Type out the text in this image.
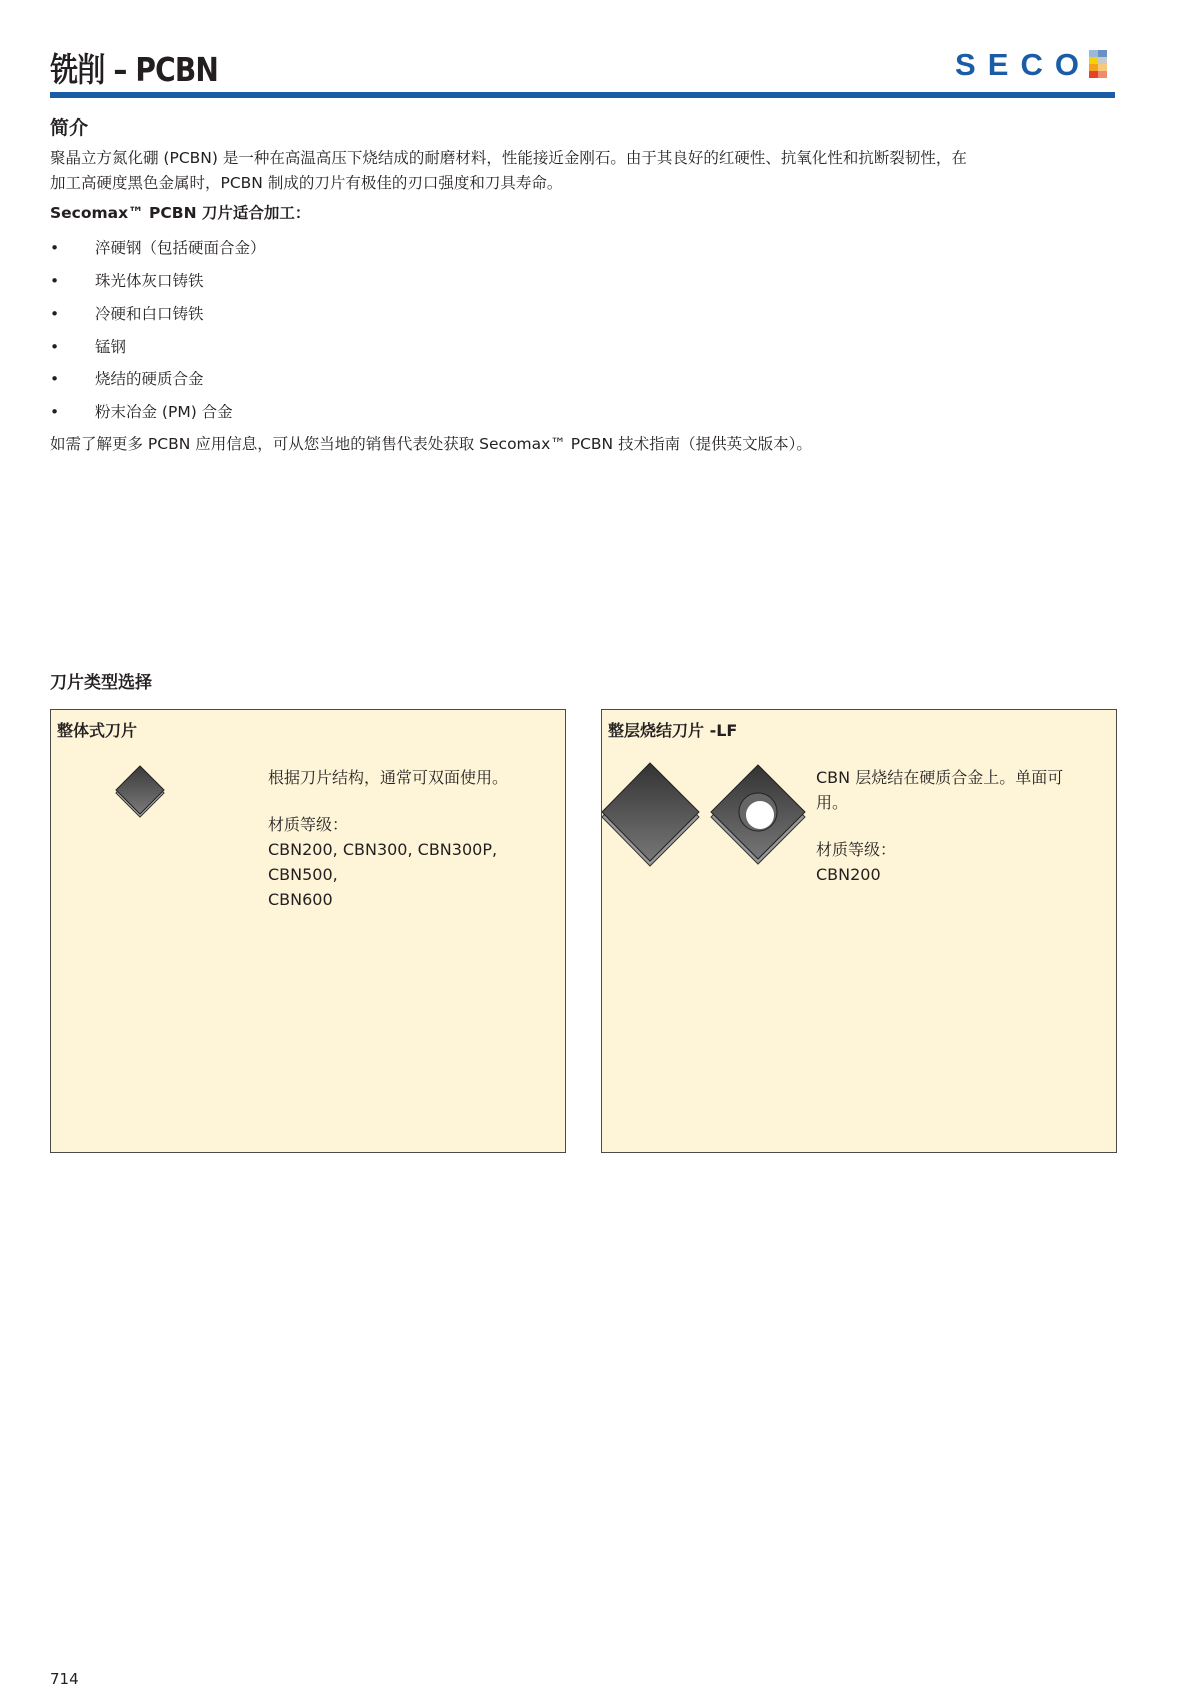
铣削 – PCBN	SECO
简介
聚晶立方氮化硼 (PCBN) 是一种在高温高压下烧结成的耐磨材料，性能接近金刚石。由于其良好的红硬性、抗氧化性和抗断裂韧性，在
加工高硬度黑色金属时，PCBN 制成的刀片有极佳的刃口强度和刀具寿命。
Secomax™ PCBN 刀片适合加工：
• 淬硬钢（包括硬面合金）
• 珠光体灰口铸铁
• 冷硬和白口铸铁
• 锰钢
• 烧结的硬质合金
• 粉末冶金 (PM) 合金
如需了解更多 PCBN 应用信息，可从您当地的销售代表处获取 Secomax™ PCBN 技术指南（提供英文版本）。
刀片类型选择
整体式刀片
根据刀片结构，通常可双面使用。
材质等级：
CBN200, CBN300, CBN300P, CBN500,
CBN600
整层烧结刀片 -LF
CBN 层烧结在硬质合金上。单面可
用。
材质等级：
CBN200
714
